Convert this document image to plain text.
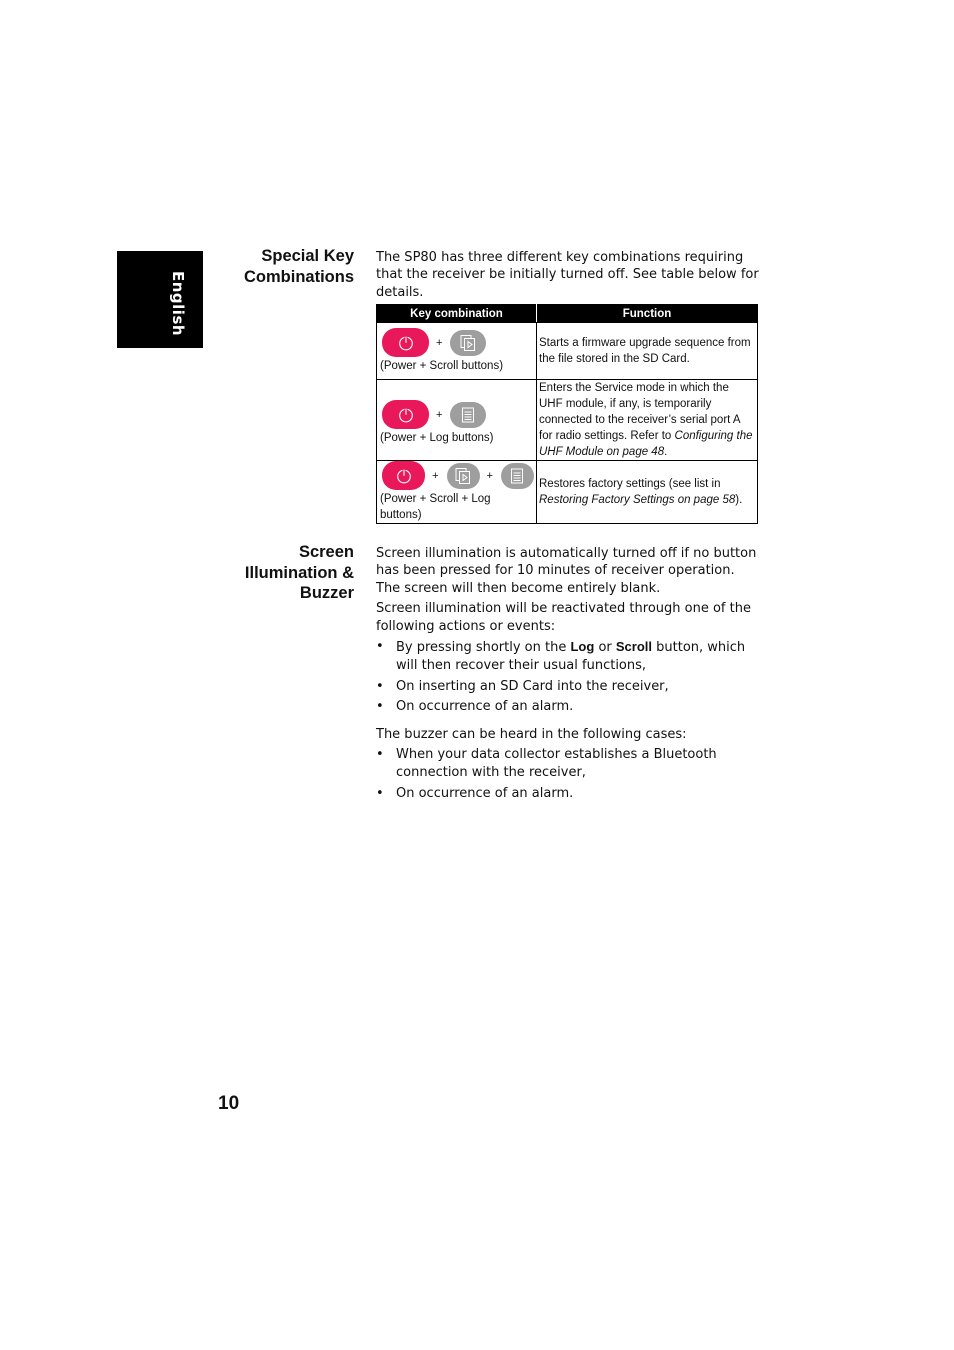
English
Special Key
Combinations

The SP80 has three different key combinations requiring that the receiver be initially turned off. See table below for details.

Key combination	Function

+
(Power + Scroll buttons)	Starts a firmware upgrade sequence from the file stored in the SD Card.

+
(Power + Log buttons)	Enters the Service mode in which the UHF module, if any, is temporarily connected to the receiver’s serial port A for radio settings. Refer to Configuring the UHF Module on page 48.

+ +
(Power + Scroll + Log buttons)	Restores factory settings (see list in Restoring Factory Settings on page 58).
Screen
Illumination &
Buzzer

Screen illumination is automatically turned off if no button has been pressed for 10 minutes of receiver operation. The screen will then become entirely blank.

Screen illumination will be reactivated through one of the following actions or events:

• By pressing shortly on the Log or Scroll button, which will then recover their usual functions,
• On inserting an SD Card into the receiver,
• On occurrence of an alarm.

The buzzer can be heard in the following cases:

• When your data collector establishes a Bluetooth connection with the receiver,
• On occurrence of an alarm.
10
